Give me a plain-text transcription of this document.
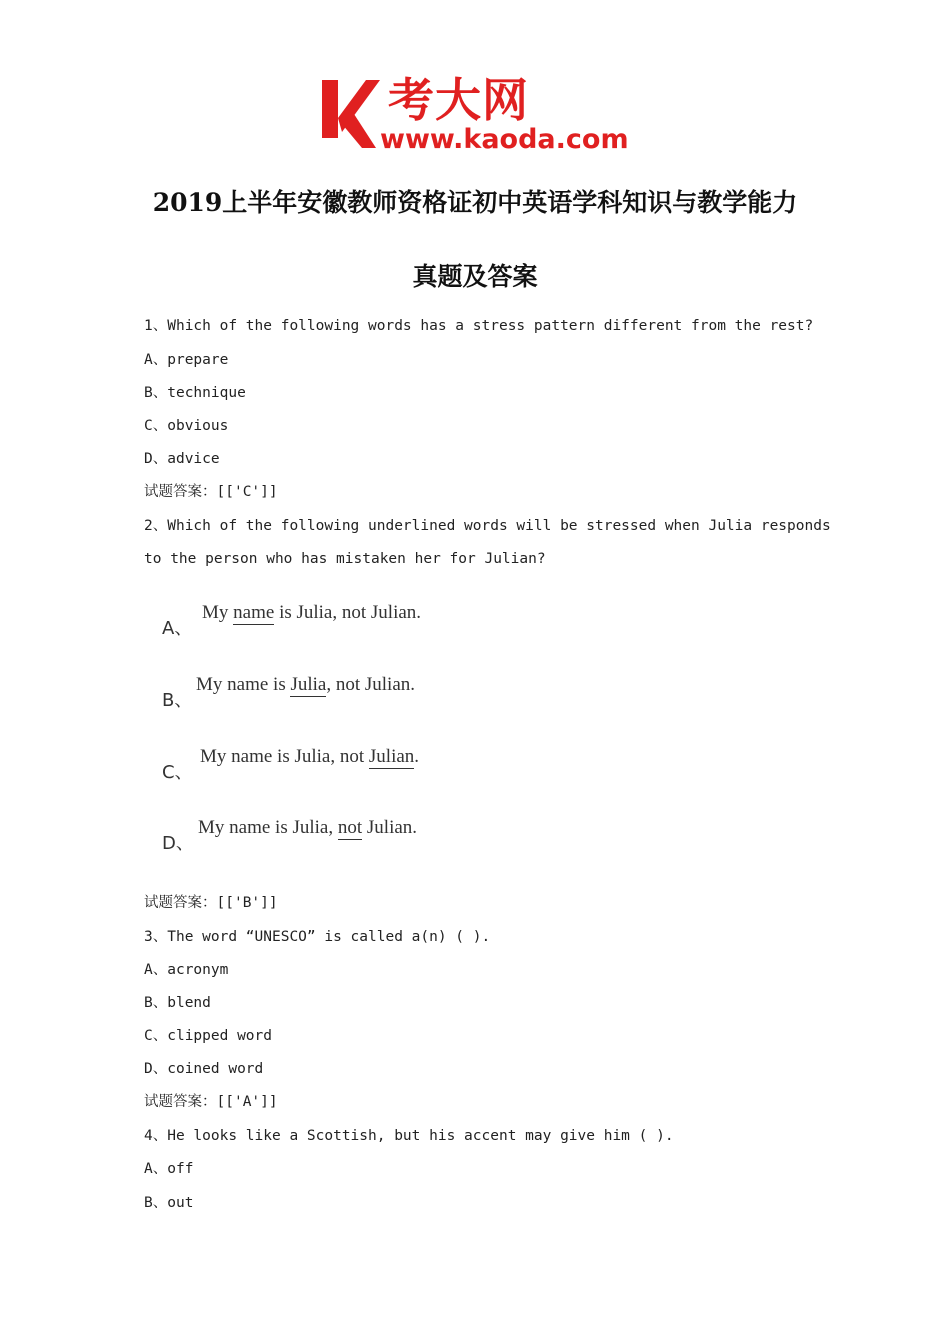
考大网
www.kaoda.com
2019上半年安徽教师资格证初中英语学科知识与教学能力
真题及答案
1、Which of the following words has a stress pattern different from the rest?
A、prepare
B、technique
C、obvious
D、advice
试题答案：[['C']]
2、Which of the following underlined words will be stressed when Julia responds
to the person who has mistaken her for Julian?
A、
My name is Julia, not Julian.
B、
My name is Julia, not Julian.
C、
My name is Julia, not Julian.
D、
My name is Julia, not Julian.
试题答案：[['B']]
3、The word “UNESCO” is called a(n) ( ).
A、acronym
B、blend
C、clipped word
D、coined word
试题答案：[['A']]
4、He looks like a Scottish, but his accent may give him ( ).
A、off
B、out
